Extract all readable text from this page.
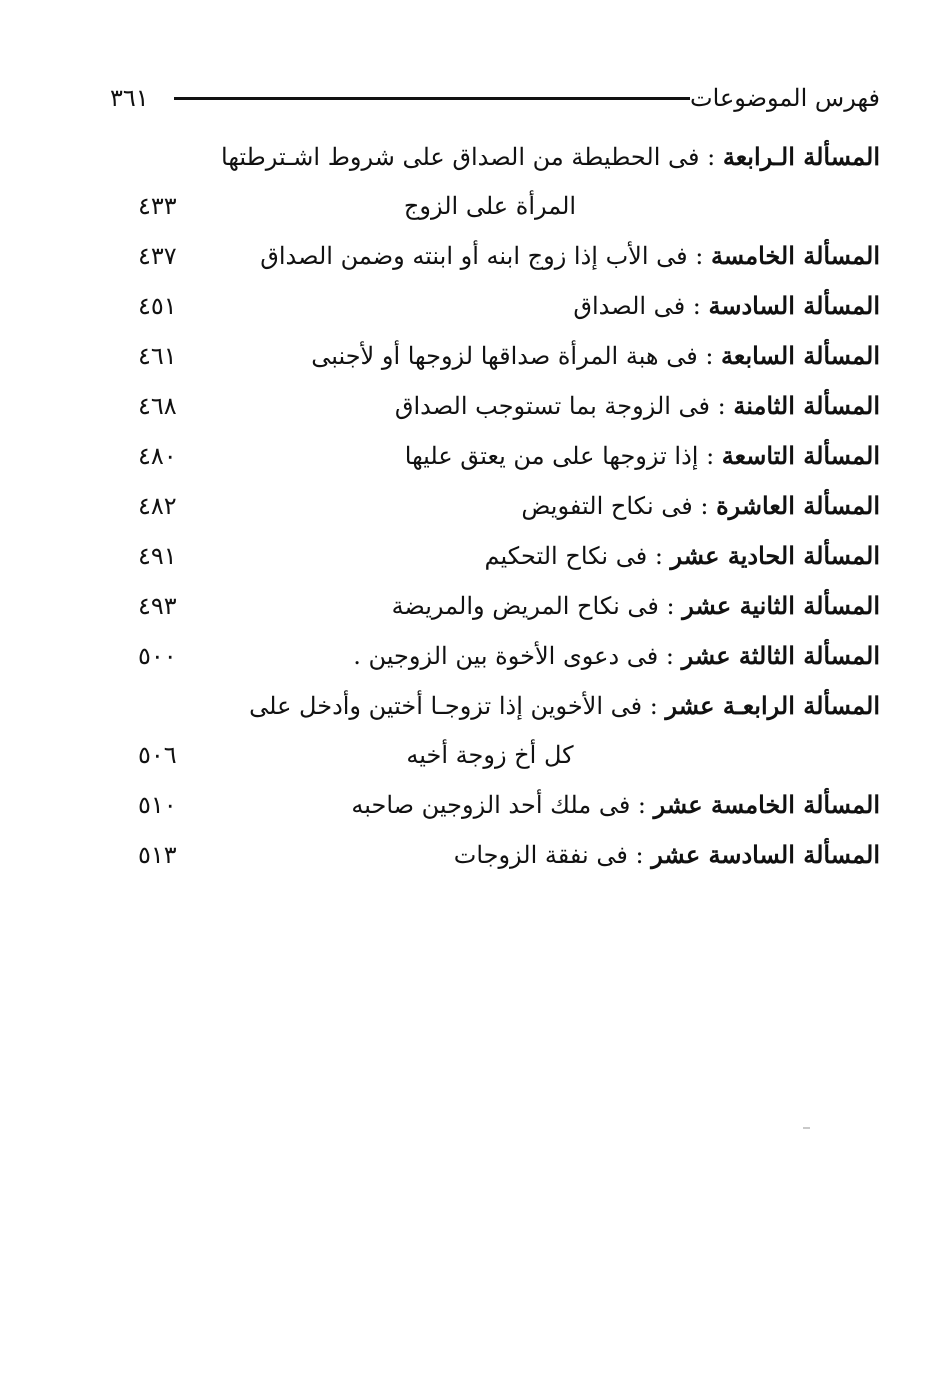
فهرس الموضوعات
٣٦١
المسألة الـرابعة : فى الحطيطة من الصداق على شروط اشـترطتها
المرأة على الزوج
٤٣٣
المسألة الخامسة : فى الأب إذا زوج ابنه أو ابنته وضمن الصداق
٤٣٧
المسألة السادسة : فى الصداق
٤٥١
المسألة السابعة : فى هبة المرأة صداقها لزوجها أو لأجنبى
٤٦١
المسألة الثامنة : فى الزوجة بما تستوجب الصداق
٤٦٨
المسألة التاسعة : إذا تزوجها على من يعتق عليها
٤٨٠
المسألة العاشرة : فى نكاح التفويض
٤٨٢
المسألة الحادية عشر : فى نكاح التحكيم
٤٩١
المسألة الثانية عشر : فى نكاح المريض والمريضة
٤٩٣
المسألة الثالثة عشر : فى دعوى الأخوة بين الزوجين .
٥٠٠
المسألة الرابعـة عشر : فى الأخوين إذا تزوجـا أختين وأدخل على
كل أخ زوجة أخيه
٥٠٦
المسألة الخامسة عشر : فى ملك أحد الزوجين صاحبه
٥١٠
المسألة السادسة عشر : فى نفقة الزوجات
٥١٣
